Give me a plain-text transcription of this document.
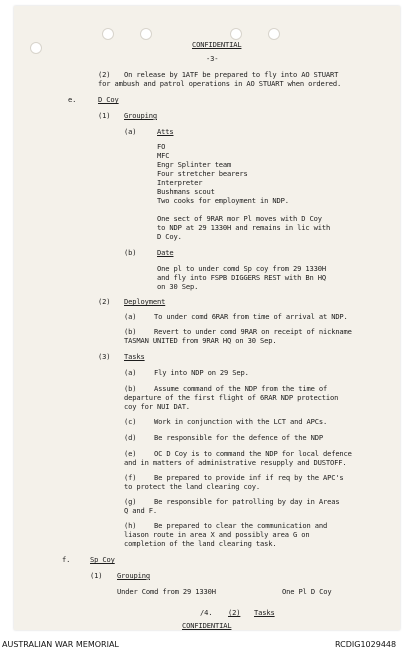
CONFIDENTIAL
-3-
(2) On release by 1ATF be prepared to fly into AO STUART
for ambush and patrol operations in AO STUART when ordered.
e.	D Coy
(1) Grouping
(a)	Atts
FO
MFC
Engr Splinter team
Four stretcher bearers
Interpreter
Bushmans scout
Two cooks for employment in NDP.
One sect of 9RAR mor Pl moves with D Coy
to NDP at 29 1330H and remains in lic with
D Coy.
(b)	Date
One pl to under comd Sp coy from 29 1330H
and fly into FSPB DIGGERS REST with Bn HQ
on 30 Sep.
(2) Deployment
(a) To under comd 6RAR from time of arrival at NDP.
(b) Revert to under comd 9RAR on receipt of nickname
TASMAN UNITED from 9RAR HQ on 30 Sep.
(3) Tasks
(a) Fly into NDP on 29 Sep.
(b) Assume command of the NDP from the time of
departure of the first flight of 6RAR NDP protection
coy for NUI DAT.
(c) Work in conjunction with the LCT and APCs.
(d) Be responsible for the defence of the NDP
(e) OC D Coy is to command the NDP for local defence
and in matters of administrative resupply and DUSTOFF.
(f) Be prepared to provide inf if req by the APC's
to protect the land clearing coy.
(g) Be responsible for patrolling by day in Areas
Q and F.
(h) Be prepared to clear the communication and
liason route in area X and possibly area G on
completion of the land clearing task.
f.	Sp Coy
(1) Grouping
Under Comd from 29 1330H	One Pl D Coy
/4. (2) Tasks
CONFIDENTIAL
AUSTRALIAN WAR MEMORIAL	RCDIG1029448
